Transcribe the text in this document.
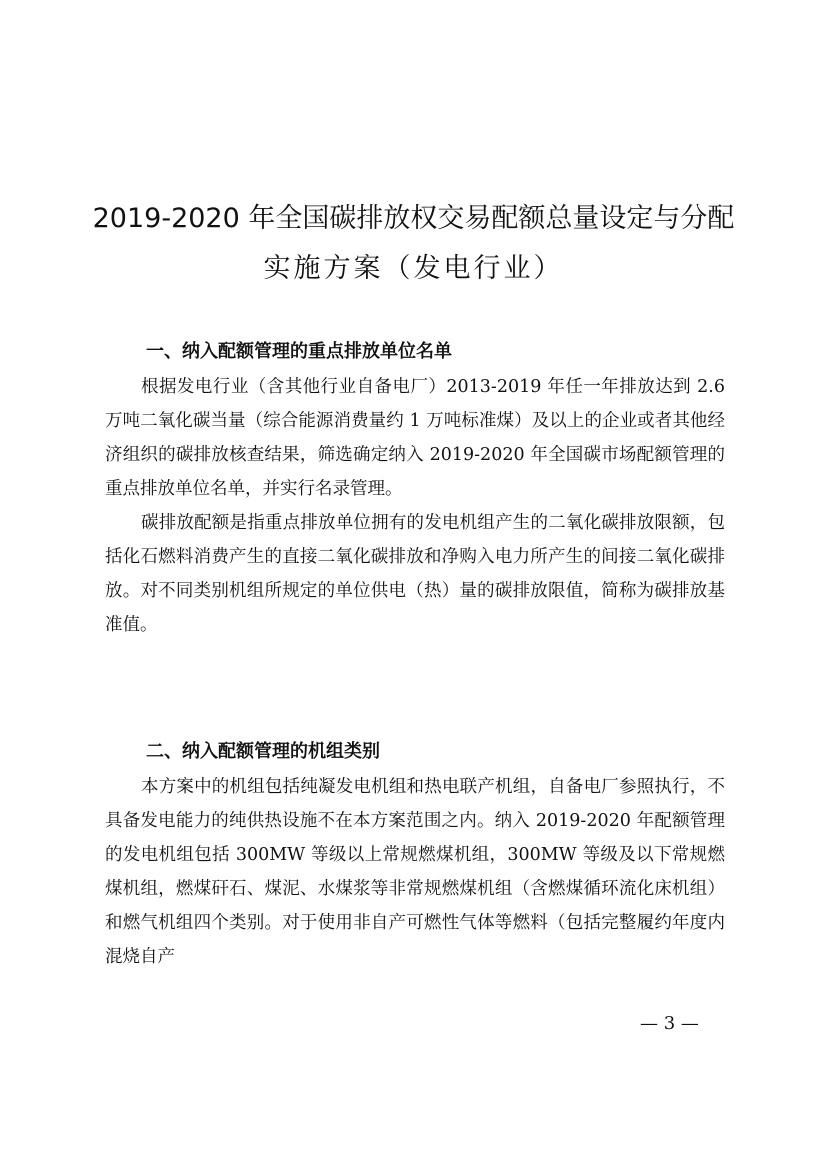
2019-2020 年全国碳排放权交易配额总量设定与分配
实施方案（发电行业）
一、纳入配额管理的重点排放单位名单

根据发电行业（含其他行业自备电厂）2013-2019 年任一年排放达到 2.6 万吨二氧化碳当量（综合能源消费量约 1 万吨标准煤）及以上的企业或者其他经济组织的碳排放核查结果，筛选确定纳入 2019-2020 年全国碳市场配额管理的重点排放单位名单，并实行名录管理。

碳排放配额是指重点排放单位拥有的发电机组产生的二氧化碳排放限额，包括化石燃料消费产生的直接二氧化碳排放和净购入电力所产生的间接二氧化碳排放。对不同类别机组所规定的单位供电（热）量的碳排放限值，简称为碳排放基准值。

二、纳入配额管理的机组类别

本方案中的机组包括纯凝发电机组和热电联产机组，自备电厂参照执行，不具备发电能力的纯供热设施不在本方案范围之内。纳入 2019-2020 年配额管理的发电机组包括 300MW 等级以上常规燃煤机组，300MW 等级及以下常规燃煤机组，燃煤矸石、煤泥、水煤浆等非常规燃煤机组（含燃煤循环流化床机组）和燃气机组四个类别。对于使用非自产可燃性气体等燃料（包括完整履约年度内混烧自产

— 3 —
